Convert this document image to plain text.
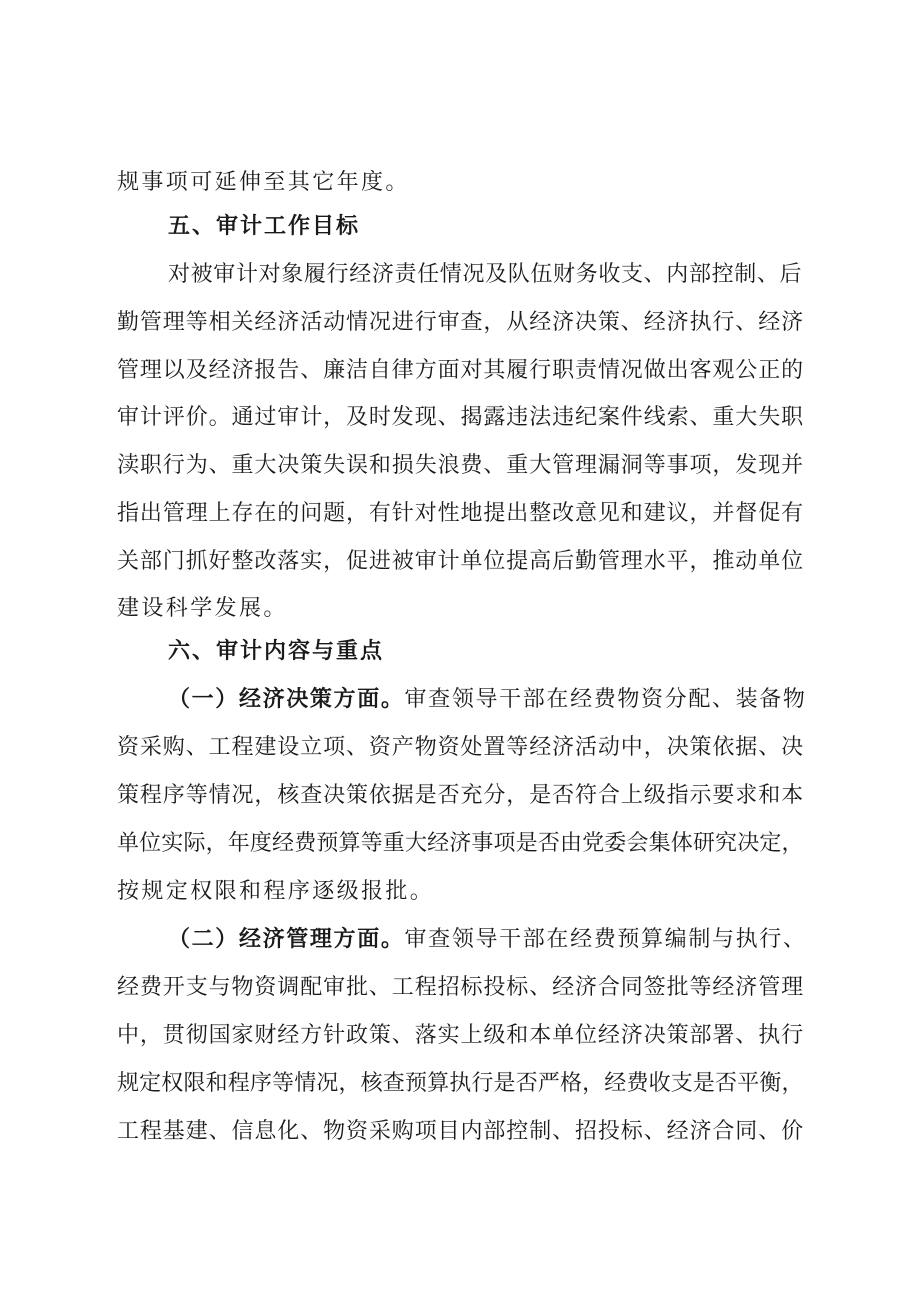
规事项可延伸至其它年度。
五、审计工作目标
对被审计对象履行经济责任情况及队伍财务收支、内部控制、后
勤管理等相关经济活动情况进行审查，从经济决策、经济执行、经济
管理以及经济报告、廉洁自律方面对其履行职责情况做出客观公正的
审计评价。通过审计，及时发现、揭露违法违纪案件线索、重大失职
渎职行为、重大决策失误和损失浪费、重大管理漏洞等事项，发现并
指出管理上存在的问题，有针对性地提出整改意见和建议，并督促有
关部门抓好整改落实，促进被审计单位提高后勤管理水平，推动单位
建设科学发展。
六、审计内容与重点
（一）经济决策方面。审查领导干部在经费物资分配、装备物
资采购、工程建设立项、资产物资处置等经济活动中，决策依据、决
策程序等情况，核查决策依据是否充分，是否符合上级指示要求和本
单位实际，年度经费预算等重大经济事项是否由党委会集体研究决定，
按规定权限和程序逐级报批。
（二）经济管理方面。审查领导干部在经费预算编制与执行、
经费开支与物资调配审批、工程招标投标、经济合同签批等经济管理
中，贯彻国家财经方针政策、落实上级和本单位经济决策部署、执行
规定权限和程序等情况，核查预算执行是否严格，经费收支是否平衡，
工程基建、信息化、物资采购项目内部控制、招投标、经济合同、价
